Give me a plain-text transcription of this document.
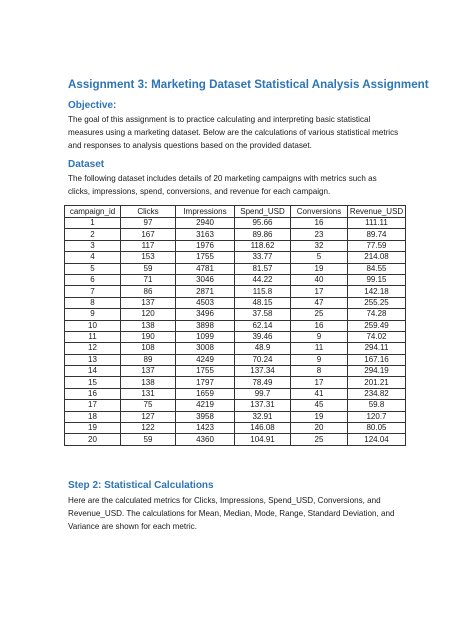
Assignment 3: Marketing Dataset Statistical Analysis Assignment
Objective:
The goal of this assignment is to practice calculating and interpreting basic statistical
measures using a marketing dataset. Below are the calculations of various statistical metrics
and responses to analysis questions based on the provided dataset.
Dataset
The following dataset includes details of 20 marketing campaigns with metrics such as
clicks, impressions, spend, conversions, and revenue for each campaign.
campaign_id	Clicks	Impressions	Spend_USD	Conversions	Revenue_USD
1	97	2940	95.66	16	111.11
2	167	3163	89.86	23	89.74
3	117	1976	118.62	32	77.59
4	153	1755	33.77	5	214.08
5	59	4781	81.57	19	84.55
6	71	3046	44.22	40	99.15
7	86	2871	115.8	17	142.18
8	137	4503	48.15	47	255.25
9	120	3496	37.58	25	74.28
10	138	3898	62.14	16	259.49
11	190	1099	39.46	9	74.02
12	108	3008	48.9	11	294.11
13	89	4249	70.24	9	167.16
14	137	1755	137.34	8	294.19
15	138	1797	78.49	17	201.21
16	131	1659	99.7	41	234.82
17	75	4219	137.31	45	59.8
18	127	3958	32.91	19	120.7
19	122	1423	146.08	20	80.05
20	59	4360	104.91	25	124.04
Step 2: Statistical Calculations
Here are the calculated metrics for Clicks, Impressions, Spend_USD, Conversions, and
Revenue_USD. The calculations for Mean, Median, Mode, Range, Standard Deviation, and
Variance are shown for each metric.
